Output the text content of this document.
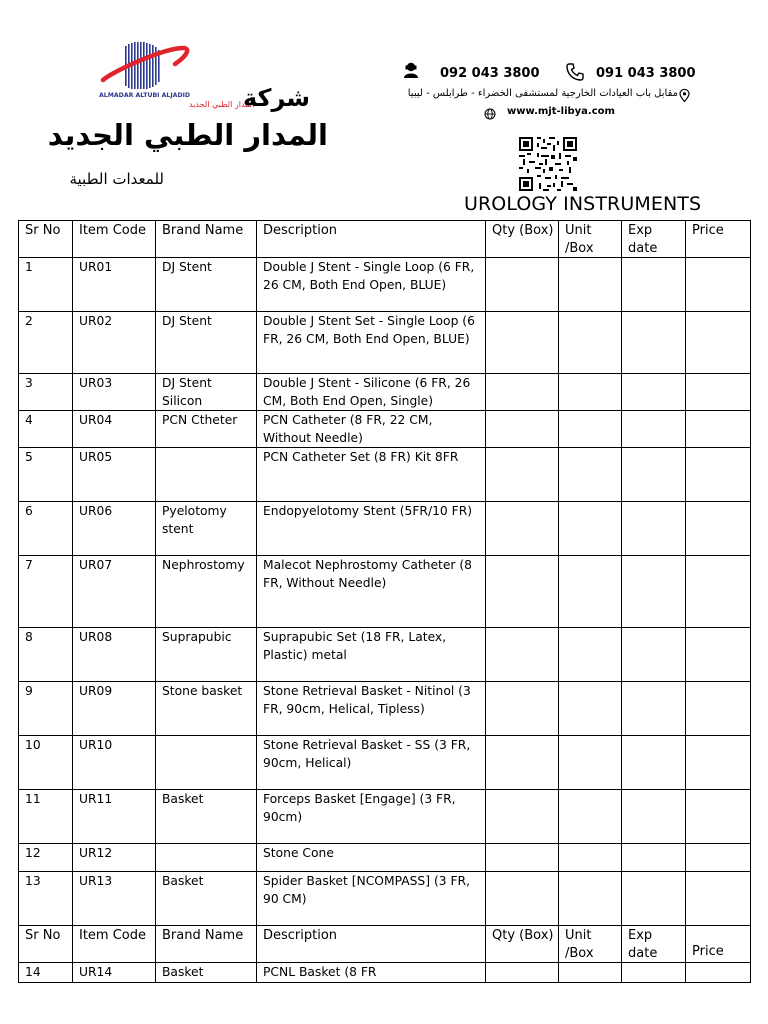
ALMADAR ALTUBI ALJADID
المدار الطبي الجديد
شركة
المدار الطبي الجديد
للمعدات الطبية
092 043 3800	091 043 3800
مقابل باب العيادات الخارجية لمستشفى الخضراء - طرابلس - ليبيا
www.mjt-libya.com
UROLOGY INSTRUMENTS
Sr No	Item Code	Brand Name	Description	Qty (Box)	Unit /Box	Exp date	Price
1	UR01	DJ Stent	Double J Stent - Single Loop (6 FR, 26 CM, Both End Open, BLUE)				
2	UR02	DJ Stent	Double J Stent Set - Single Loop (6 FR, 26 CM, Both End Open, BLUE)				
3	UR03	DJ Stent Silicon	Double J Stent - Silicone (6 FR, 26 CM, Both End Open, Single)				
4	UR04	PCN Ctheter	PCN Catheter (8 FR, 22 CM, Without Needle)				
5	UR05		PCN Catheter Set (8 FR) Kit 8FR				
6	UR06	Pyelotomy stent	Endopyelotomy Stent (5FR/10 FR)				
7	UR07	Nephrostomy	Malecot Nephrostomy Catheter (8 FR, Without Needle)				
8	UR08	Suprapubic	Suprapubic Set (18 FR, Latex, Plastic) metal				
9	UR09	Stone basket	Stone Retrieval Basket - Nitinol (3 FR, 90cm, Helical, Tipless)				
10	UR10		Stone Retrieval Basket - SS (3 FR, 90cm, Helical)				
11	UR11	Basket	Forceps Basket [Engage] (3 FR, 90cm)				
12	UR12		Stone Cone				
13	UR13	Basket	Spider Basket [NCOMPASS] (3 FR, 90 CM)				
Sr No	Item Code	Brand Name	Description	Qty (Box)	Unit /Box	Exp date	Price
14	UR14	Basket	PCNL Basket (8 FR				
